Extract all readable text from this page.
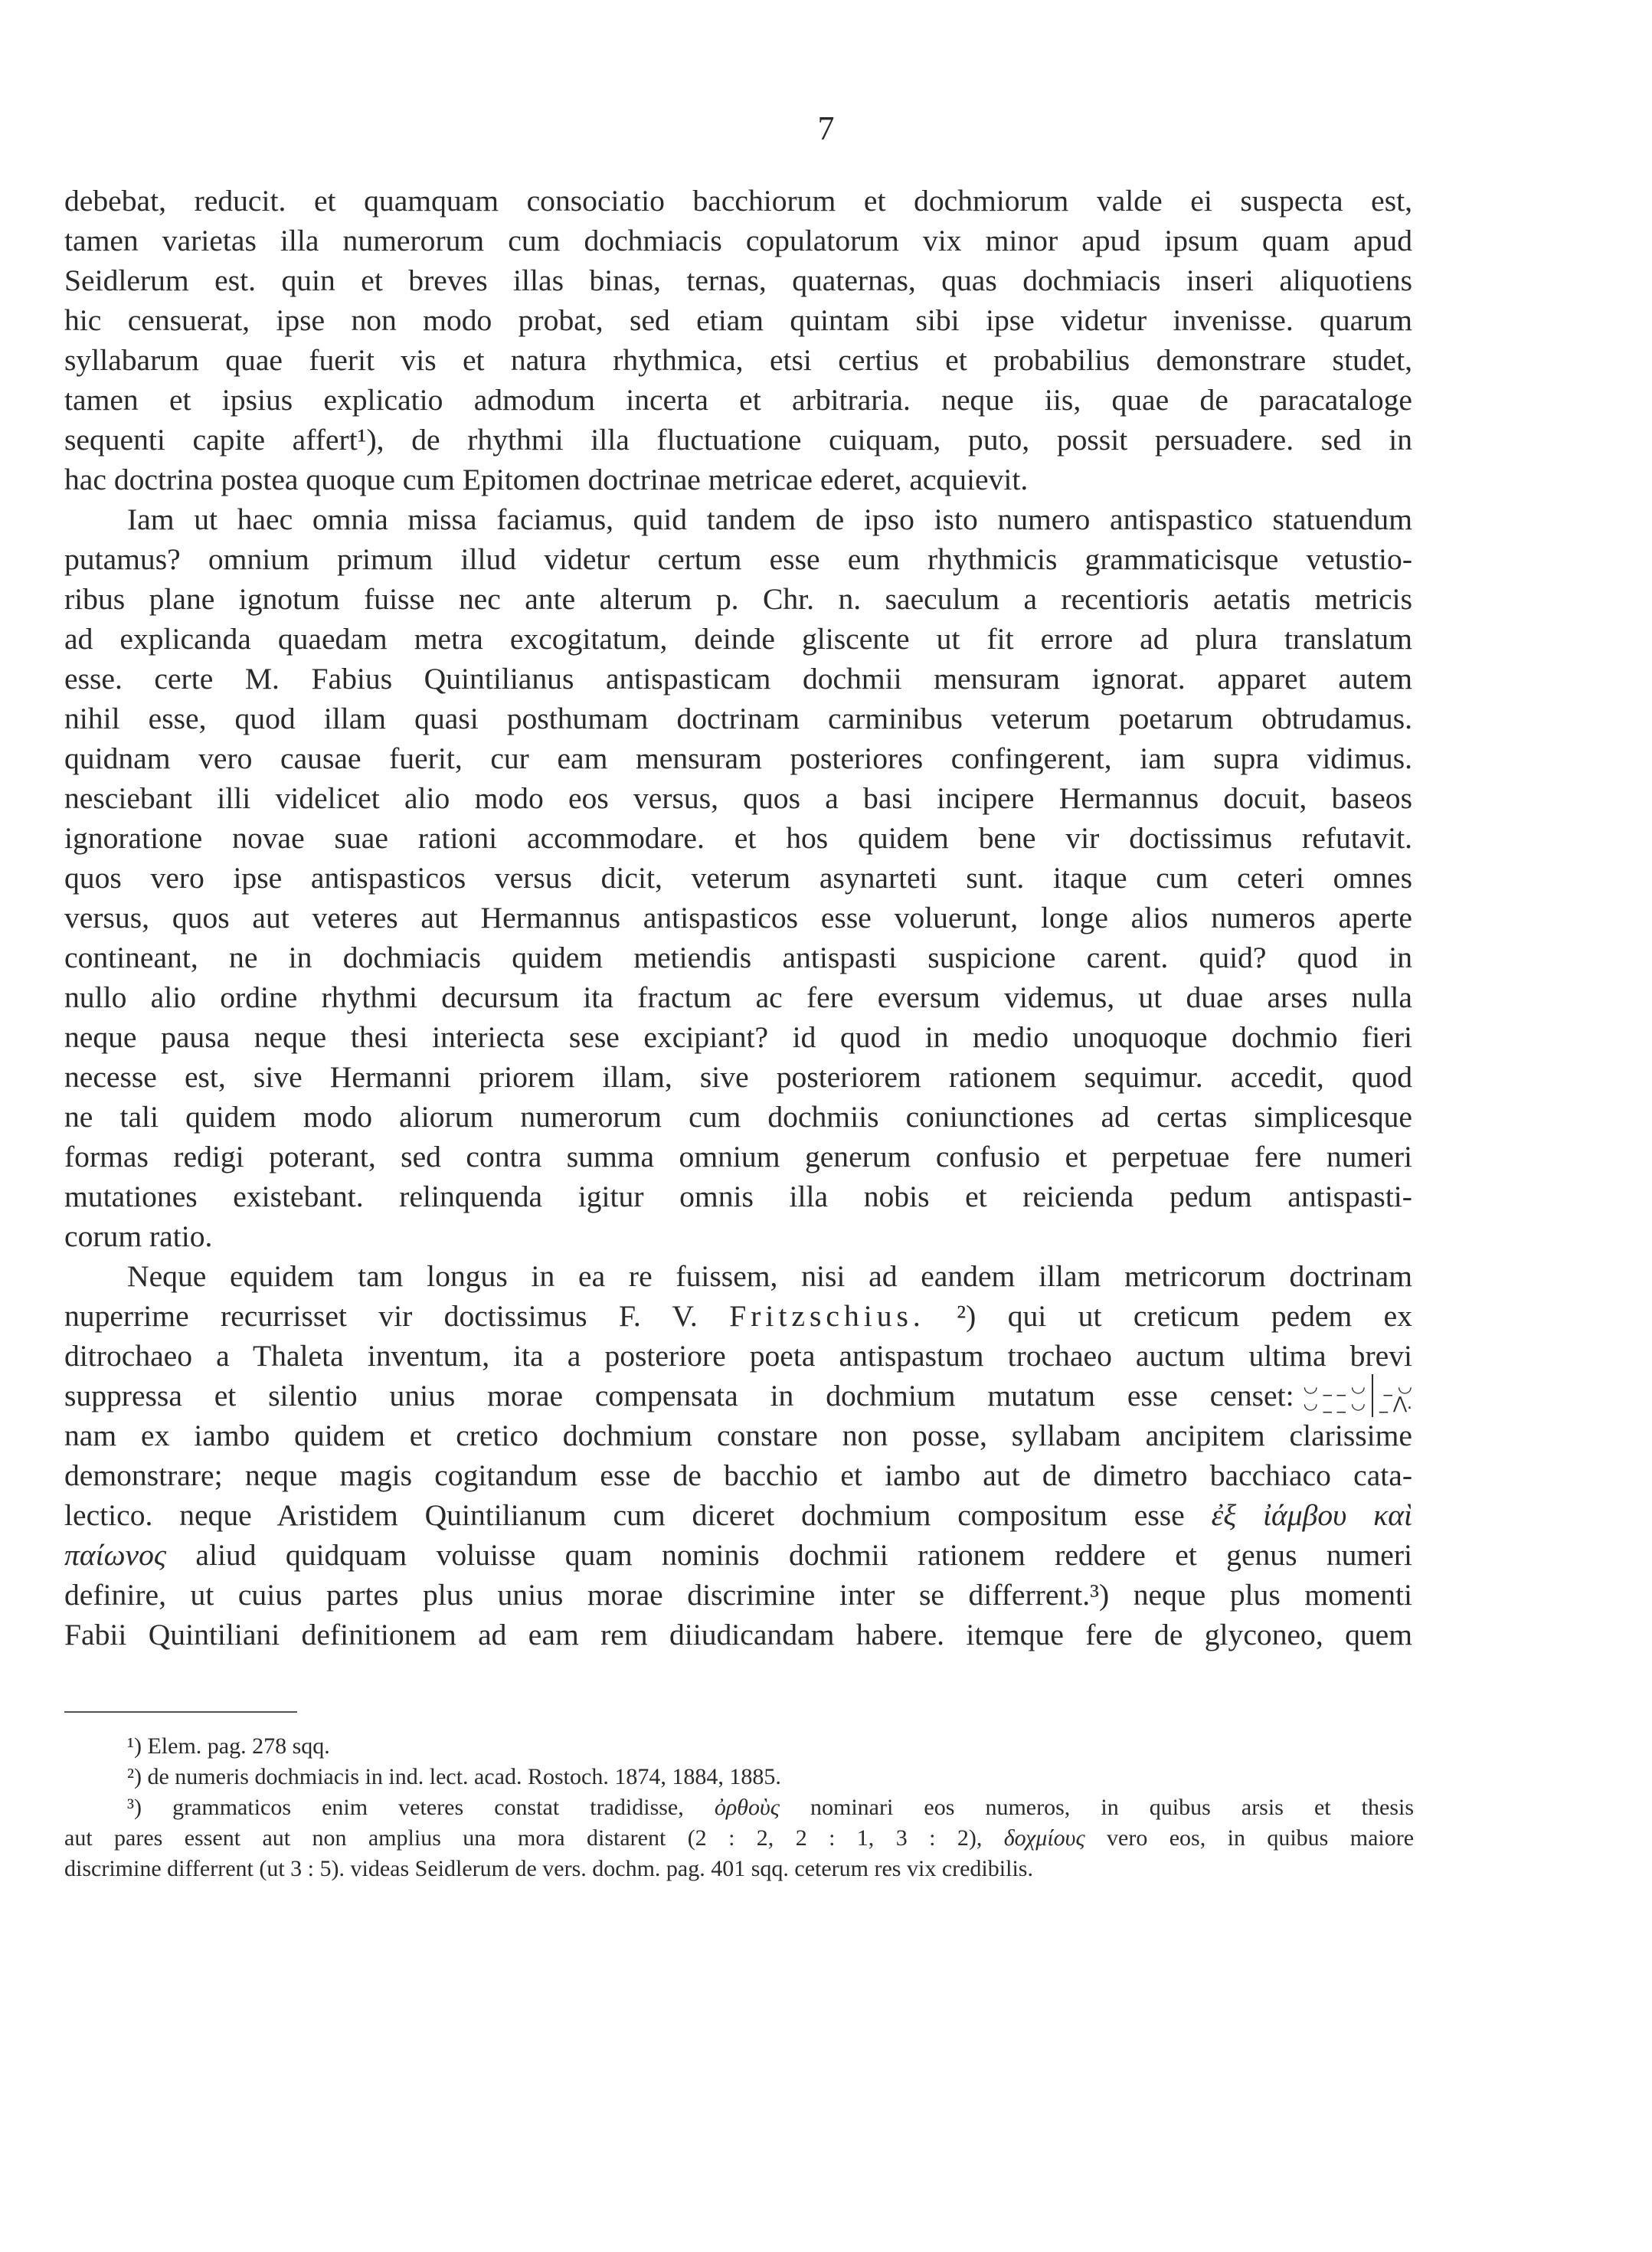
7
debebat, reducit. et quamquam consociatio bacchiorum et dochmiorum valde ei suspecta est,
tamen varietas illa numerorum cum dochmiacis copulatorum vix minor apud ipsum quam apud
Seidlerum est. quin et breves illas binas, ternas, quaternas, quas dochmiacis inseri aliquotiens
hic censuerat, ipse non modo probat, sed etiam quintam sibi ipse videtur invenisse. quarum
syllabarum quae fuerit vis et natura rhythmica, etsi certius et probabilius demonstrare studet,
tamen et ipsius explicatio admodum incerta et arbitraria. neque iis, quae de paracataloge
sequenti capite affert¹), de rhythmi illa fluctuatione cuiquam, puto, possit persuadere. sed in
hac doctrina postea quoque cum Epitomen doctrinae metricae ederet, acquievit.
Iam ut haec omnia missa faciamus, quid tandem de ipso isto numero antispastico statuendum
putamus? omnium primum illud videtur certum esse eum rhythmicis grammaticisque vetustio-
ribus plane ignotum fuisse nec ante alterum p. Chr. n. saeculum a recentioris aetatis metricis
ad explicanda quaedam metra excogitatum, deinde gliscente ut fit errore ad plura translatum
esse. certe M. Fabius Quintilianus antispasticam dochmii mensuram ignorat. apparet autem
nihil esse, quod illam quasi posthumam doctrinam carminibus veterum poetarum obtrudamus.
quidnam vero causae fuerit, cur eam mensuram posteriores confingerent, iam supra vidimus.
nesciebant illi videlicet alio modo eos versus, quos a basi incipere Hermannus docuit, baseos
ignoratione novae suae rationi accommodare. et hos quidem bene vir doctissimus refutavit.
quos vero ipse antispasticos versus dicit, veterum asynarteti sunt. itaque cum ceteri omnes
versus, quos aut veteres aut Hermannus antispasticos esse voluerunt, longe alios numeros aperte
contineant, ne in dochmiacis quidem metiendis antispasti suspicione carent. quid? quod in
nullo alio ordine rhythmi decursum ita fractum ac fere eversum videmus, ut duae arses nulla
neque pausa neque thesi interiecta sese excipiant? id quod in medio unoquoque dochmio fieri
necesse est, sive Hermanni priorem illam, sive posteriorem rationem sequimur. accedit, quod
ne tali quidem modo aliorum numerorum cum dochmiis coniunctiones ad certas simplicesque
formas redigi poterant, sed contra summa omnium generum confusio et perpetuae fere numeri
mutationes existebant. relinquenda igitur omnis illa nobis et reicienda pedum antispasti-
corum ratio.
Neque equidem tam longus in ea re fuissem, nisi ad eandem illam metricorum doctrinam
nuperrime recurrisset vir doctissimus F. V. Fritzschius. ²) qui ut creticum pedem ex
ditrochaeo a Thaleta inventum, ita a posteriore poeta antispastum trochaeo auctum ultima brevi
suppressa et silentio unius morae compensata in dochmium mutatum esse censet: ◡ _ _ ◡
◡ _ _ ◡
_ ◡
_ ⋀.
nam ex iambo quidem et cretico dochmium constare non posse, syllabam ancipitem clarissime
demonstrare; neque magis cogitandum esse de bacchio et iambo aut de dimetro bacchiaco cata-
lectico. neque Aristidem Quintilianum cum diceret dochmium compositum esse ἐξ ἰάμβου καὶ
παίωνος aliud quidquam voluisse quam nominis dochmii rationem reddere et genus numeri
definire, ut cuius partes plus unius morae discrimine inter se differrent.³) neque plus momenti
Fabii Quintiliani definitionem ad eam rem diiudicandam habere. itemque fere de glyconeo, quem
¹) Elem. pag. 278 sqq.
²) de numeris dochmiacis in ind. lect. acad. Rostoch. 1874, 1884, 1885.
³) grammaticos enim veteres constat tradidisse, ὀρθοὺς nominari eos numeros, in quibus arsis et thesis
aut pares essent aut non amplius una mora distarent (2 : 2, 2 : 1, 3 : 2), δοχμίους vero eos, in quibus maiore
discrimine differrent (ut 3 : 5). videas Seidlerum de vers. dochm. pag. 401 sqq. ceterum res vix credibilis.
